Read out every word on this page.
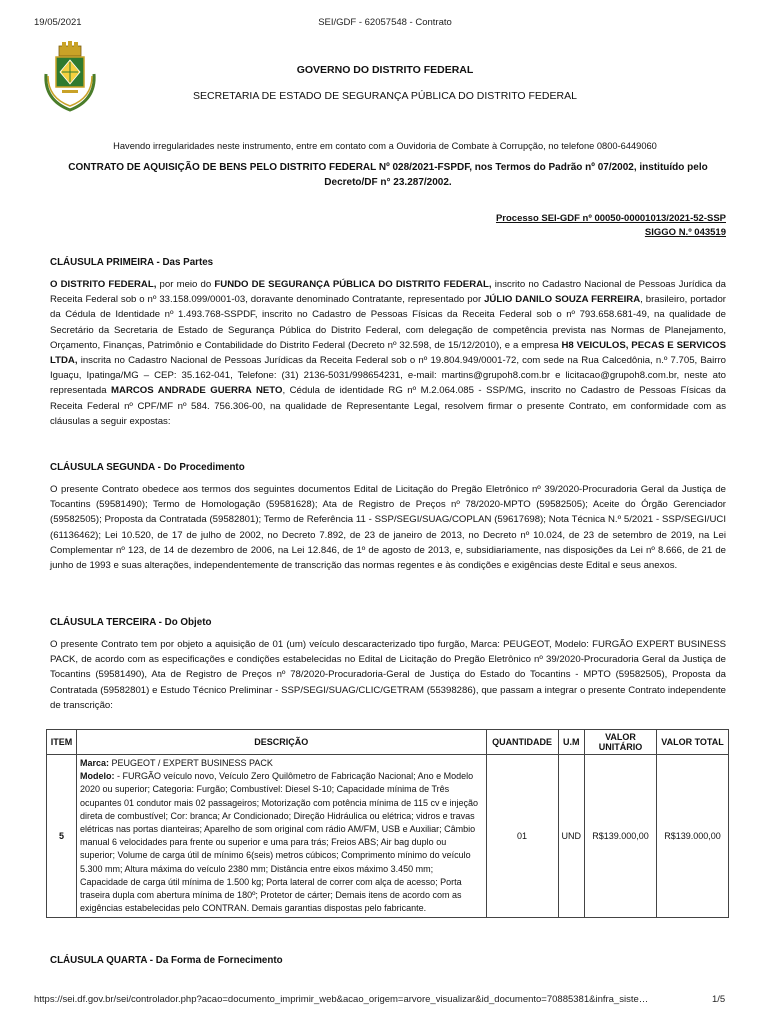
19/05/2021	SEI/GDF - 62057548 - Contrato
GOVERNO DO DISTRITO FEDERAL
SECRETARIA DE ESTADO DE SEGURANÇA PÚBLICA DO DISTRITO FEDERAL
Havendo irregularidades neste instrumento, entre em contato com a Ouvidoria de Combate à Corrupção, no telefone 0800-6449060
CONTRATO DE AQUISIÇÃO DE BENS PELO DISTRITO FEDERAL Nº 028/2021-FSPDF, nos Termos do Padrão nº 07/2002, instituído pelo
Decreto/DF n° 23.287/2002.
Processo SEI-GDF nº 00050-00001013/2021-52-SSP
SIGGO N.º 043519

CLÁUSULA PRIMEIRA - Das Partes

O DISTRITO FEDERAL, por meio do FUNDO DE SEGURANÇA PÚBLICA DO DISTRITO FEDERAL, inscrito no Cadastro Nacional de Pessoas Jurídica da Receita Federal sob o nº 33.158.099/0001-03, doravante denominado Contratante, representado por JÚLIO DANILO SOUZA FERREIRA, brasileiro, portador da Cédula de Identidade nº 1.493.768-SSPDF, inscrito no Cadastro de Pessoas Físicas da Receita Federal sob o nº 793.658.681-49, na qualidade de Secretário da Secretaria de Estado de Segurança Pública do Distrito Federal, com delegação de competência prevista nas Normas de Planejamento, Orçamento, Finanças, Patrimônio e Contabilidade do Distrito Federal (Decreto nº 32.598, de 15/12/2010), e a empresa H8 VEICULOS, PECAS E SERVICOS LTDA, inscrita no Cadastro Nacional de Pessoas Jurídicas da Receita Federal sob o nº 19.804.949/0001-72, com sede na Rua Calcedônia, n.º 7.705, Bairro Iguaçu, Ipatinga/MG – CEP: 35.162-041, Telefone: (31) 2136-5031/998654231, e-mail: martins@grupoh8.com.br e licitacao@grupoh8.com.br, neste ato representada MARCOS ANDRADE GUERRA NETO, Cédula de identidade RG nº M.2.064.085 - SSP/MG, inscrito no Cadastro de Pessoas Físicas da Receita Federal nº CPF/MF nº 584. 756.306-00, na qualidade de Representante Legal, resolvem firmar o presente Contrato, em conformidade com as cláusulas a seguir expostas:

CLÁUSULA SEGUNDA - Do Procedimento

O presente Contrato obedece aos termos dos seguintes documentos Edital de Licitação do Pregão Eletrônico nº 39/2020-Procuradoria Geral da Justiça de Tocantins (59581490); Termo de Homologação (59581628); Ata de Registro de Preços nº 78/2020-MPTO (59582505); Aceite do Órgão Gerenciador (59582505); Proposta da Contratada (59582801); Termo de Referência 11 - SSP/SEGI/SUAG/COPLAN (59617698); Nota Técnica N.º 5/2021 - SSP/SEGI/UCI (61136462); Lei 10.520, de 17 de julho de 2002, no Decreto 7.892, de 23 de janeiro de 2013, no Decreto nº 10.024, de 23 de setembro de 2019, na Lei Complementar nº 123, de 14 de dezembro de 2006, na Lei 12.846, de 1º de agosto de 2013, e, subsidiariamente, nas disposições da Lei nº 8.666, de 21 de junho de 1993 e suas alterações, independentemente de transcrição das normas regentes e às condições e exigências deste Edital e seus anexos.

CLÁUSULA TERCEIRA - Do Objeto

O presente Contrato tem por objeto a aquisição de 01 (um) veículo descaracterizado tipo furgão, Marca: PEUGEOT, Modelo: FURGÃO EXPERT BUSINESS PACK, de acordo com as especificações e condições estabelecidas no Edital de Licitação do Pregão Eletrônico nº 39/2020-Procuradoria Geral da Justiça de Tocantins (59581490), Ata de Registro de Preços nº 78/2020-Procuradoria-Geral de Justiça do Estado do Tocantins - MPTO (59582505), Proposta da Contratada (59582801) e Estudo Técnico Preliminar - SSP/SEGI/SUAG/CLIC/GETRAM (55398286), que passam a integrar o presente Contrato independente de transcrição:

ITEM	DESCRIÇÃO	QUANTIDADE	U.M	VALOR UNITÁRIO	VALOR TOTAL
5	Marca: PEUGEOT / EXPERT BUSINESS PACK
Modelo: - FURGÃO veículo novo, Veículo Zero Quilômetro de Fabricação Nacional; Ano e Modelo 2020 ou superior; Categoria: Furgão; Combustível: Diesel S-10; Capacidade mínima de Três ocupantes 01 condutor mais 02 passageiros; Motorização com potência mínima de 115 cv e injeção direta de combustível; Cor: branca; Ar Condicionado; Direção Hidráulica ou elétrica; vidros e travas elétricas nas portas dianteiras; Aparelho de som original com rádio AM/FM, USB e Auxiliar; Câmbio manual 6 velocidades para frente ou superior e uma para trás; Freios ABS; Air bag duplo ou superior; Volume de carga útil de mínimo 6(seis) metros cúbicos; Comprimento mínimo do veículo 5.300 mm; Altura máxima do veículo 2380 mm; Distância entre eixos máximo 3.450 mm; Capacidade de carga útil mínima de 1.500 kg; Porta lateral de correr com alça de acesso; Porta traseira dupla com abertura mínima de 180º; Protetor de cárter; Demais itens de acordo com as exigências estabelecidas pelo CONTRAN. Demais garantias dispostas pelo fabricante.	01	UND	R$139.000,00	R$139.000,00

CLÁUSULA QUARTA - Da Forma de Fornecimento

https://sei.df.gov.br/sei/controlador.php?acao=documento_imprimir_web&acao_origem=arvore_visualizar&id_documento=70885381&infra_siste…	1/5
